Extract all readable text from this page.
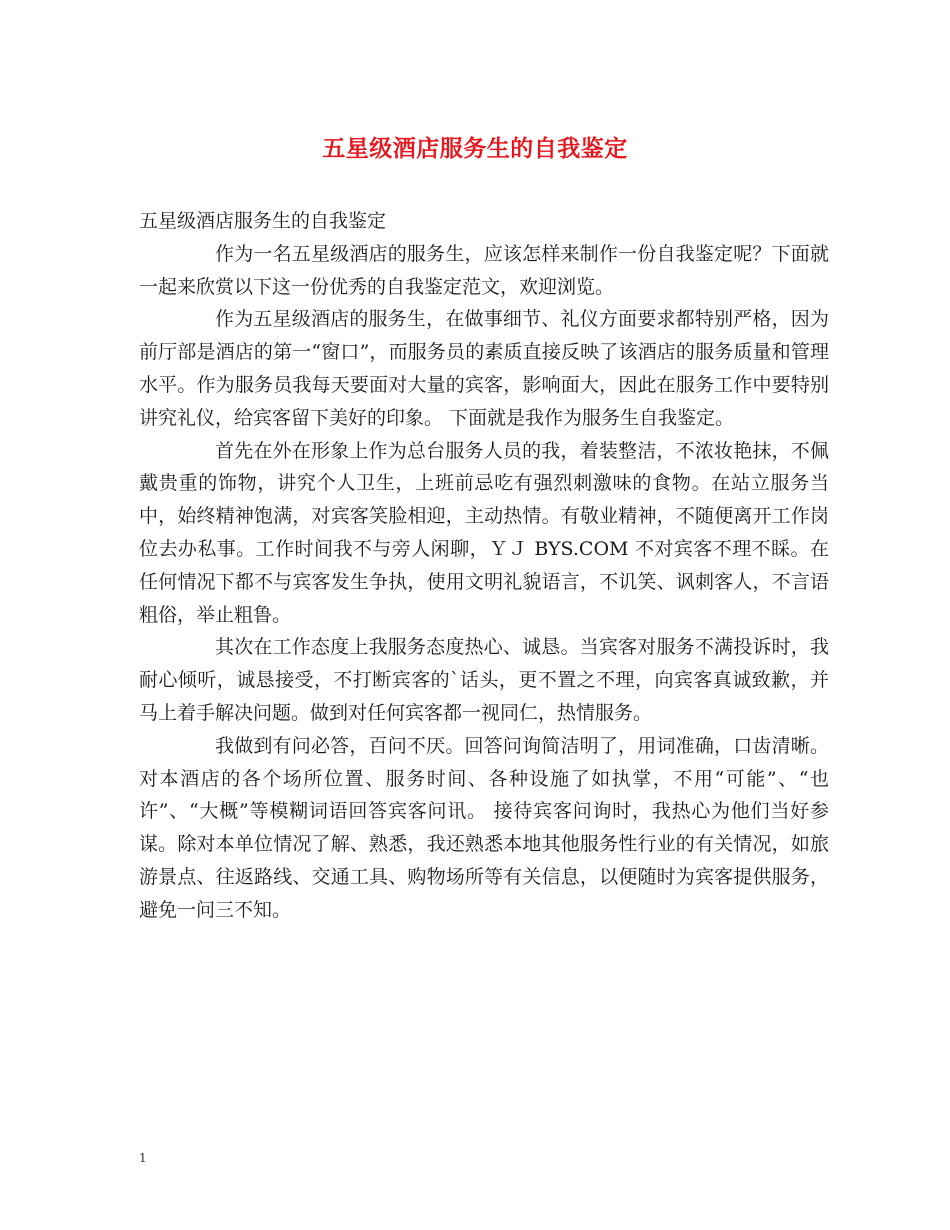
五星级酒店服务生的自我鉴定

五星级酒店服务生的自我鉴定

作为一名五星级酒店的服务生，应该怎样来制作一份自我鉴定呢？下面就一起来欣赏以下这一份优秀的自我鉴定范文，欢迎浏览。

作为五星级酒店的服务生，在做事细节、礼仪方面要求都特别严格，因为前厅部是酒店的第一“窗口”，而服务员的素质直接反映了该酒店的服务质量和管理水平。作为服务员我每天要面对大量的宾客，影响面大，因此在服务工作中要特别讲究礼仪，给宾客留下美好的印象。 下面就是我作为服务生自我鉴定。

首先在外在形象上作为总台服务人员的我，着装整洁，不浓妆艳抹，不佩戴贵重的饰物，讲究个人卫生，上班前忌吃有强烈刺激味的食物。在站立服务当中，始终精神饱满，对宾客笑脸相迎，主动热情。有敬业精神，不随便离开工作岗位去办私事。工作时间我不与旁人闲聊，ＹＪ BYS.COM 不对宾客不理不睬。在任何情况下都不与宾客发生争执，使用文明礼貌语言，不讥笑、讽刺客人，不言语粗俗，举止粗鲁。

其次在工作态度上我服务态度热心、诚恳。当宾客对服务不满投诉时，我耐心倾听，诚恳接受，不打断宾客的`话头，更不置之不理，向宾客真诚致歉，并马上着手解决问题。做到对任何宾客都一视同仁，热情服务。

我做到有问必答，百问不厌。回答问询简洁明了，用词准确，口齿清晰。对本酒店的各个场所位置、服务时间、各种设施了如执掌，不用“可能”、“也许”、“大概”等模糊词语回答宾客问讯。 接待宾客问询时，我热心为他们当好参谋。除对本单位情况了解、熟悉，我还熟悉本地其他服务性行业的有关情况，如旅游景点、往返路线、交通工具、购物场所等有关信息，以便随时为宾客提供服务，避免一问三不知。

1
